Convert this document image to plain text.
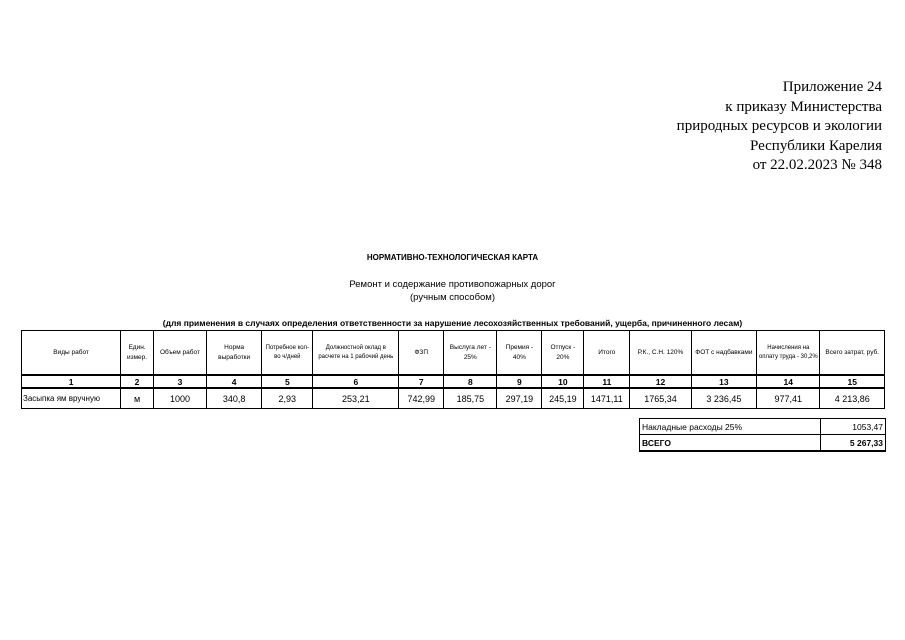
Приложение 24
к приказу Министерства
природных ресурсов и экологии
Республики Карелия
от 22.02.2023 № 348
НОРМАТИВНО-ТЕХНОЛОГИЧЕСКАЯ КАРТА
Ремонт и содержание противопожарных дорог
(ручным способом)
(для применения в случаях определения ответственности за нарушение лесохозяйственных требований, ущерба, причиненного лесам)
Виды работ	Един. измер.	Объем работ	Норма выработки	Потребное кол-во ч/дней	Должностной оклад в расчете на 1 рабочий день	ФЗП	Выслуга лет - 25%	Премия - 40%	Отпуск - 20%	Итого	Р.К., С.Н. 120%	ФОТ с надбавками	Начисления на оплату труда - 30,2%	Всего затрат, руб.
1	2	3	4	5	6	7	8	9	10	11	12	13	14	15
Засыпка ям вручную	м	1000	340,8	2,93	253,21	742,99	185,75	297,19	245,19	1471,11	1765,34	3 236,45	977,41	4 213,86
Накладные расходы 25%	1053,47
ВСЕГО	5 267,33
